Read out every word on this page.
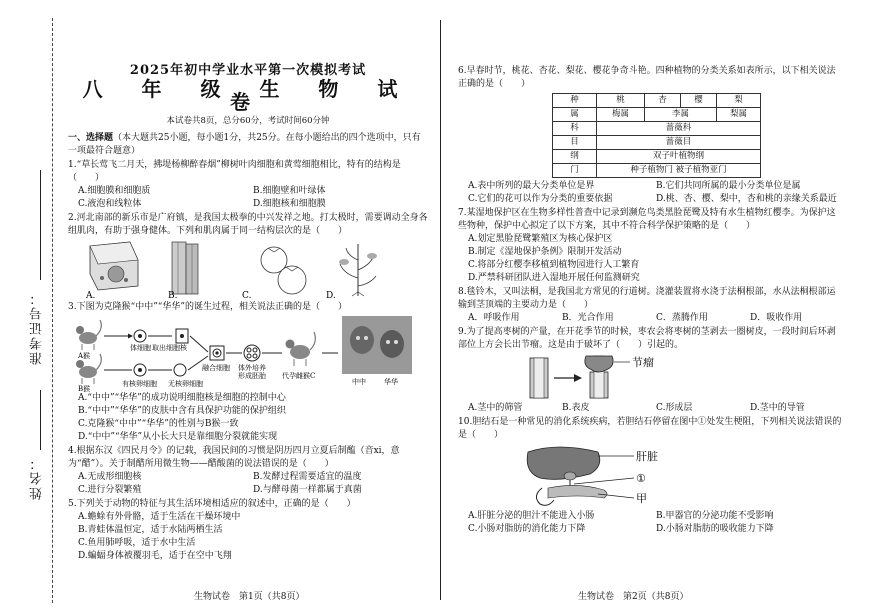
准考证号：
姓名：
2025年初中学业水平第一次模拟考试
八 年 级 生 物 试 卷
本试卷共8页，总分60分，考试时间60分钟
一、选择题（本大题共25小题，每小题1分，共25分。在每小题给出的四个选项中，只有一项最符合题意）
1.“草长莺飞二月天，拂堤杨柳醉春烟”柳树叶肉细胞和黄莺细胞相比，特有的结构是（　　）
A.细胞膜和细胞质	B.细胞壁和叶绿体
C.液泡和线粒体	D.细胞核和细胞膜
2.河北南部的新乐市是广府镇，是我国太极拳的中兴发祥之地。打太极时，需要调动全身各组肌肉，有助于强身健体。下列和肌肉属于同一结构层次的是（　　）
A.	B.	C.	D.
3.下图为克隆猴“中中”“华华”的诞生过程，相关说法正确的是（　　）
A猴
B猴
体细胞 取出细胞核
有核卵细胞 无核卵细胞
融合细胞 体外培养
形成胚胎 代孕雌猴C
中中	华华
A.“中中”“华华”的成功说明细胞核是细胞的控制中心
B.“中中”“华华”的皮肤中含有具保护功能的保护组织
C.克隆猴“中中”“华华”的性别与B猴一致
D.“中中”“华华”从小长大只是靠细胞分裂就能实现
4.根据东汉《四民月令》的记载，我国民间的习惯是阴历四月立夏后制醢（音xi，意为“醋”）。关于制醋所用微生物——醋酸菌的说法错误的是（　　）
A.无成形细胞核	B.发酵过程需要适宜的温度
C.进行分裂繁殖	D.与酵母菌一样都属于真菌
5.下列关于动物的特征与其生活环境相适应的叙述中，正确的是（　　）
A.蟾蜍有外骨骼，适于生活在干燥环境中
B.青蛙体温恒定，适于水陆两栖生活
C.鱼用肺呼吸，适于水中生活
D.蝙蝠身体被覆羽毛，适于在空中飞翔
生物试卷　第1页（共8页）
6.早春时节，桃花、杏花、梨花、樱花争奇斗艳。四种植物的分类关系如表所示，以下相关说法正确的是（　　）
种	桃	杏	樱	梨
属	梅属	李属		梨属
科	蔷薇科			
目	蔷薇目			
纲	双子叶植物纲			
门	种子植物门 被子植物亚门			
A.表中所列的最大分类单位是界	B.它们共同所属的最小分类单位是属
C.它们的花可以作为分类的重要依据	D.桃、杏、樱、梨中，杏和桃的亲缘关系最近
7.某湿地保护区在生物多样性普查中记录到濒危鸟类黑脸琵鹭及特有水生植物红樱李。为保护这些物种，保护中心拟定了以下方案，其中不符合科学保护策略的是（　　）
A.划定黑脸琵鹭繁殖区为核心保护区
B.制定《湿地保护条例》限制开发活动
C.将部分红樱李移植到植物园进行人工繁育
D.严禁科研团队进入湿地开展任何监测研究
8.毯铃木，又叫法桐，是我国北方常见的行道树。浇灌装置将水浇于法桐根部，水从法桐根部运输到茎顶端的主要动力是（　　）
A．呼吸作用	B．光合作用	C．蒸腾作用	D．吸收作用
9.为了提高枣树的产量，在开花季节的时候，枣农会将枣树的茎剥去一圈树皮，一段时间后环剥部位上方会长出节瘤。这是由于破坏了（　　）引起的。
节瘤
A.茎中的筛管	B.表皮	C.形成层	D.茎中的导管
10.胆结石是一种常见的消化系统疾病，若胆结石停留在图中①处发生梗阻，下列相关说法错误的是（　　）
肝脏
①
甲
A.肝脏分泌的胆汁不能进入小肠	B.甲器官的分泌功能不受影响
C.小肠对脂肪的消化能力下降	D.小肠对脂肪的吸收能力下降
生物试卷　第2页（共8页）
